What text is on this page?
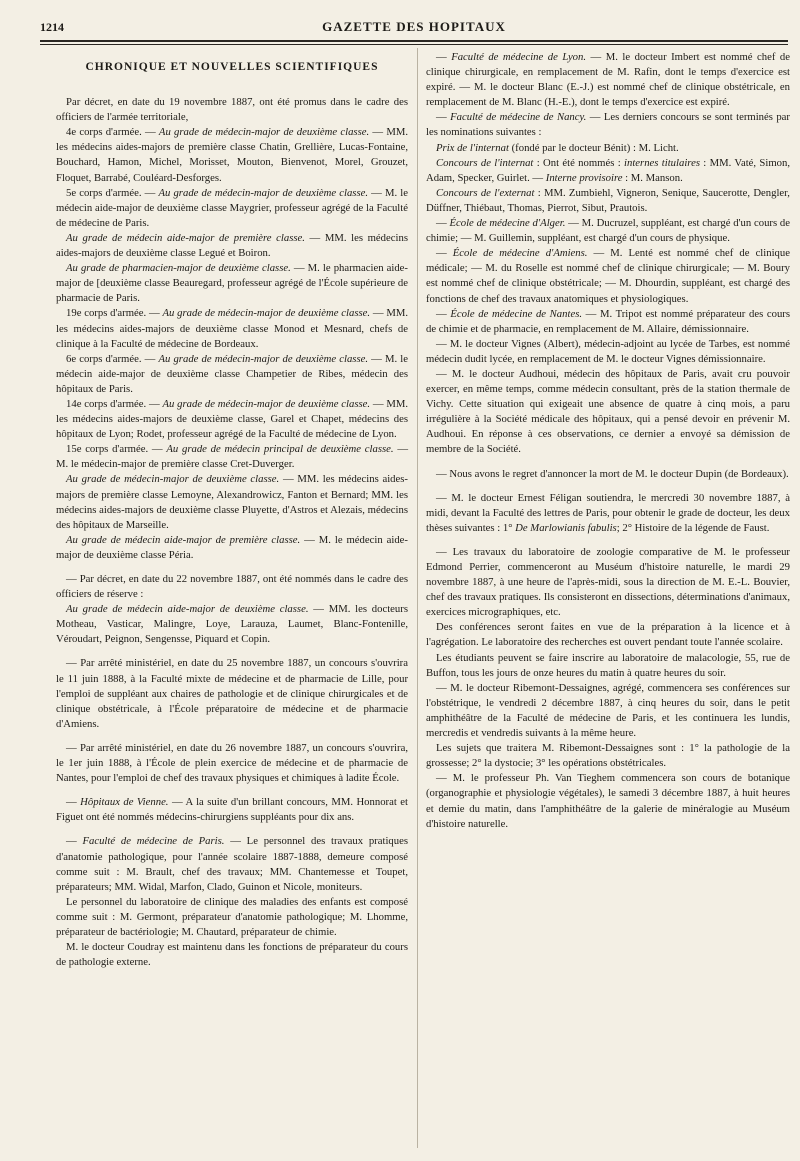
1214	GAZETTE DES HOPITAUX
CHRONIQUE ET NOUVELLES SCIENTIFIQUES

Par décret, en date du 19 novembre 1887, ont été promus dans le cadre des officiers de l'armée territoriale,

4e corps d'armée. — Au grade de médecin-major de deuxième classe. — MM. les médecins aides-majors de première classe Chatin, Grellière, Lucas-Fontaine, Bouchard, Hamon, Michel, Morisset, Mouton, Bienvenot, Morel, Grouzet, Floquet, Barrabé, Couléard-Desforges.

5e corps d'armée. — Au grade de médecin-major de deuxième classe. — M. le médecin aide-major de deuxième classe Maygrier, professeur agrégé de la Faculté de médecine de Paris.

Au grade de médecin aide-major de première classe. — MM. les médecins aides-majors de deuxième classe Legué et Boiron.

Au grade de pharmacien-major de deuxième classe. — M. le pharmacien aide-major de [deuxième classe Beauregard, professeur agrégé de l'École supérieure de pharmacie de Paris.

19e corps d'armée. — Au grade de médecin-major de deuxième classe. — MM. les médecins aides-majors de deuxième classe Monod et Mesnard, chefs de clinique à la Faculté de médecine de Bordeaux.

6e corps d'armée. — Au grade de médecin-major de deuxième classe. — M. le médecin aide-major de deuxième classe Champetier de Ribes, médecin des hôpitaux de Paris.

14e corps d'armée. — Au grade de médecin-major de deuxième classe. — MM. les médecins aides-majors de deuxième classe, Garel et Chapet, médecins des hôpitaux de Lyon; Rodet, professeur agrégé de la Faculté de médecine de Lyon.

15e corps d'armée. — Au grade de médecin principal de deuxième classe. — M. le médecin-major de première classe Cret-Duverger.

Au grade de médecin-major de deuxième classe. — MM. les médecins aides-majors de première classe Lemoyne, Alexandrowicz, Fanton et Bernard; MM. les médecins aides-majors de deuxième classe Pluyette, d'Astros et Alezais, médecins des hôpitaux de Marseille.

Au grade de médecin aide-major de première classe. — M. le médecin aide-major de deuxième classe Péria.

— Par décret, en date du 22 novembre 1887, ont été nommés dans le cadre des officiers de réserve :

Au grade de médecin aide-major de deuxième classe. — MM. les docteurs Motheau, Vasticar, Malingre, Loye, Larauza, Laumet, Blanc-Fontenille, Véroudart, Peignon, Sengensse, Piquard et Copin.

— Par arrêté ministériel, en date du 25 novembre 1887, un concours s'ouvrira le 11 juin 1888, à la Faculté mixte de médecine et de pharmacie de Lille, pour l'emploi de suppléant aux chaires de pathologie et de clinique chirurgicales et de clinique obstétricale, à l'École préparatoire de médecine et de pharmacie d'Amiens.

— Par arrêté ministériel, en date du 26 novembre 1887, un concours s'ouvrira, le 1er juin 1888, à l'École de plein exercice de médecine et de pharmacie de Nantes, pour l'emploi de chef des travaux physiques et chimiques à ladite École.

— Hôpitaux de Vienne. — A la suite d'un brillant concours, MM. Honnorat et Figuet ont été nommés médecins-chirurgiens suppléants pour dix ans.

— Faculté de médecine de Paris. — Le personnel des travaux pratiques d'anatomie pathologique, pour l'année scolaire 1887-1888, demeure composé comme suit : M. Brault, chef des travaux; MM. Chantemesse et Toupet, préparateurs; MM. Widal, Marfon, Clado, Guinon et Nicole, moniteurs.

Le personnel du laboratoire de clinique des maladies des enfants est composé comme suit : M. Germont, préparateur d'anatomie pathologique; M. Lhomme, préparateur de bactériologie; M. Chautard, préparateur de chimie.

M. le docteur Coudray est maintenu dans les fonctions de préparateur du cours de pathologie externe.

— Faculté de médecine de Lyon. — M. le docteur Imbert est nommé chef de clinique chirurgicale, en remplacement de M. Rafin, dont le temps d'exercice est expiré. — M. le docteur Blanc (E.-J.) est nommé chef de clinique obstétricale, en remplacement de M. Blanc (H.-E.), dont le temps d'exercice est expiré.

— Faculté de médecine de Nancy. — Les derniers concours se sont terminés par les nominations suivantes :

Prix de l'internat (fondé par le docteur Bénit) : M. Licht.

Concours de l'internat : Ont été nommés : internes titulaires : MM. Vaté, Simon, Adam, Specker, Guirlet. — Interne provisoire : M. Manson.

Concours de l'externat : MM. Zumbiehl, Vigneron, Senique, Saucerotte, Dengler, Düffner, Thiébaut, Thomas, Pierrot, Sibut, Prautois.

— École de médecine d'Alger. — M. Ducruzel, suppléant, est chargé d'un cours de chimie; — M. Guillemin, suppléant, est chargé d'un cours de physique.

— École de médecine d'Amiens. — M. Lenté est nommé chef de clinique médicale; — M. du Roselle est nommé chef de clinique chirurgicale; — M. Boury est nommé chef de clinique obstétricale; — M. Dhourdin, suppléant, est chargé des fonctions de chef des travaux anatomiques et physiologiques.

— École de médecine de Nantes. — M. Tripot est nommé préparateur des cours de chimie et de pharmacie, en remplacement de M. Allaire, démissionnaire.

— M. le docteur Vignes (Albert), médecin-adjoint au lycée de Tarbes, est nommé médecin dudit lycée, en remplacement de M. le docteur Vignes démissionnaire.

— M. le docteur Audhoui, médecin des hôpitaux de Paris, avait cru pouvoir exercer, en même temps, comme médecin consultant, près de la station thermale de Vichy. Cette situation qui exigeait une absence de quatre à cinq mois, a paru irrégulière à la Société médicale des hôpitaux, qui a pensé devoir en prévenir M. Audhoui. En réponse à ces observations, ce dernier a envoyé sa démission de membre de la Société.

— Nous avons le regret d'annoncer la mort de M. le docteur Dupin (de Bordeaux).

— M. le docteur Ernest Féligan soutiendra, le mercredi 30 novembre 1887, à midi, devant la Faculté des lettres de Paris, pour obtenir le grade de docteur, les deux thèses suivantes : 1° De Marlowianis fabulis; 2° Histoire de la légende de Faust.

— Les travaux du laboratoire de zoologie comparative de M. le professeur Edmond Perrier, commenceront au Muséum d'histoire naturelle, le mardi 29 novembre 1887, à une heure de l'après-midi, sous la direction de M. E.-L. Bouvier, chef des travaux pratiques. Ils consisteront en dissections, déterminations d'animaux, exercices micrographiques, etc.

Des conférences seront faites en vue de la préparation à la licence et à l'agrégation. Le laboratoire des recherches est ouvert pendant toute l'année scolaire.

Les étudiants peuvent se faire inscrire au laboratoire de malacologie, 55, rue de Buffon, tous les jours de onze heures du matin à quatre heures du soir.

— M. le docteur Ribemont-Dessaignes, agrégé, commencera ses conférences sur l'obstétrique, le vendredi 2 décembre 1887, à cinq heures du soir, dans le petit amphithéâtre de la Faculté de médecine de Paris, et les continuera les lundis, mercredis et vendredis suivants à la même heure.

Les sujets que traitera M. Ribemont-Dessaignes sont : 1° la pathologie de la grossesse; 2° la dystocie; 3° les opérations obstétricales.

— M. le professeur Ph. Van Tieghem commencera son cours de botanique (organographie et physiologie végétales), le samedi 3 décembre 1887, à huit heures et demie du matin, dans l'amphithéâtre de la galerie de minéralogie au Muséum d'histoire naturelle.
